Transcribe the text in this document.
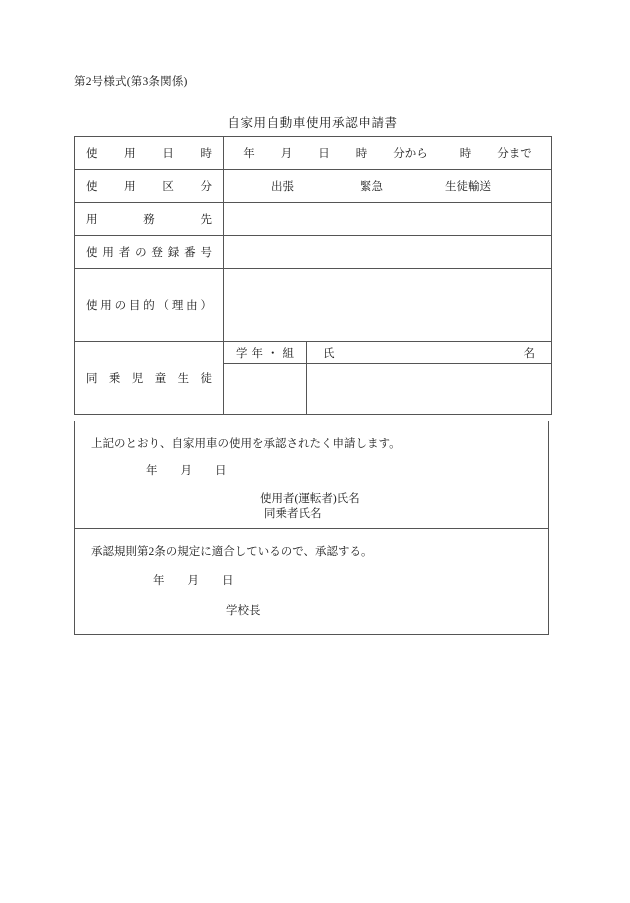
第2号様式(第3条関係)
自家用自動車使用承認申請書
使用日時	年 月 日 時 分から	時 分まで

使用区分	出張 緊急 生徒輸送	

用務先		

使用者の登録番号		

使用の目的（理由）		

同乗児童生徒	学年・組	氏名

上記のとおり、自家用車の使用を承認されたく申請します。
年　　月　　日
使用者(運転者)氏名
同乗者氏名
承認規則第2条の規定に適合しているので、承認する。
年　　月　　日
学校長
